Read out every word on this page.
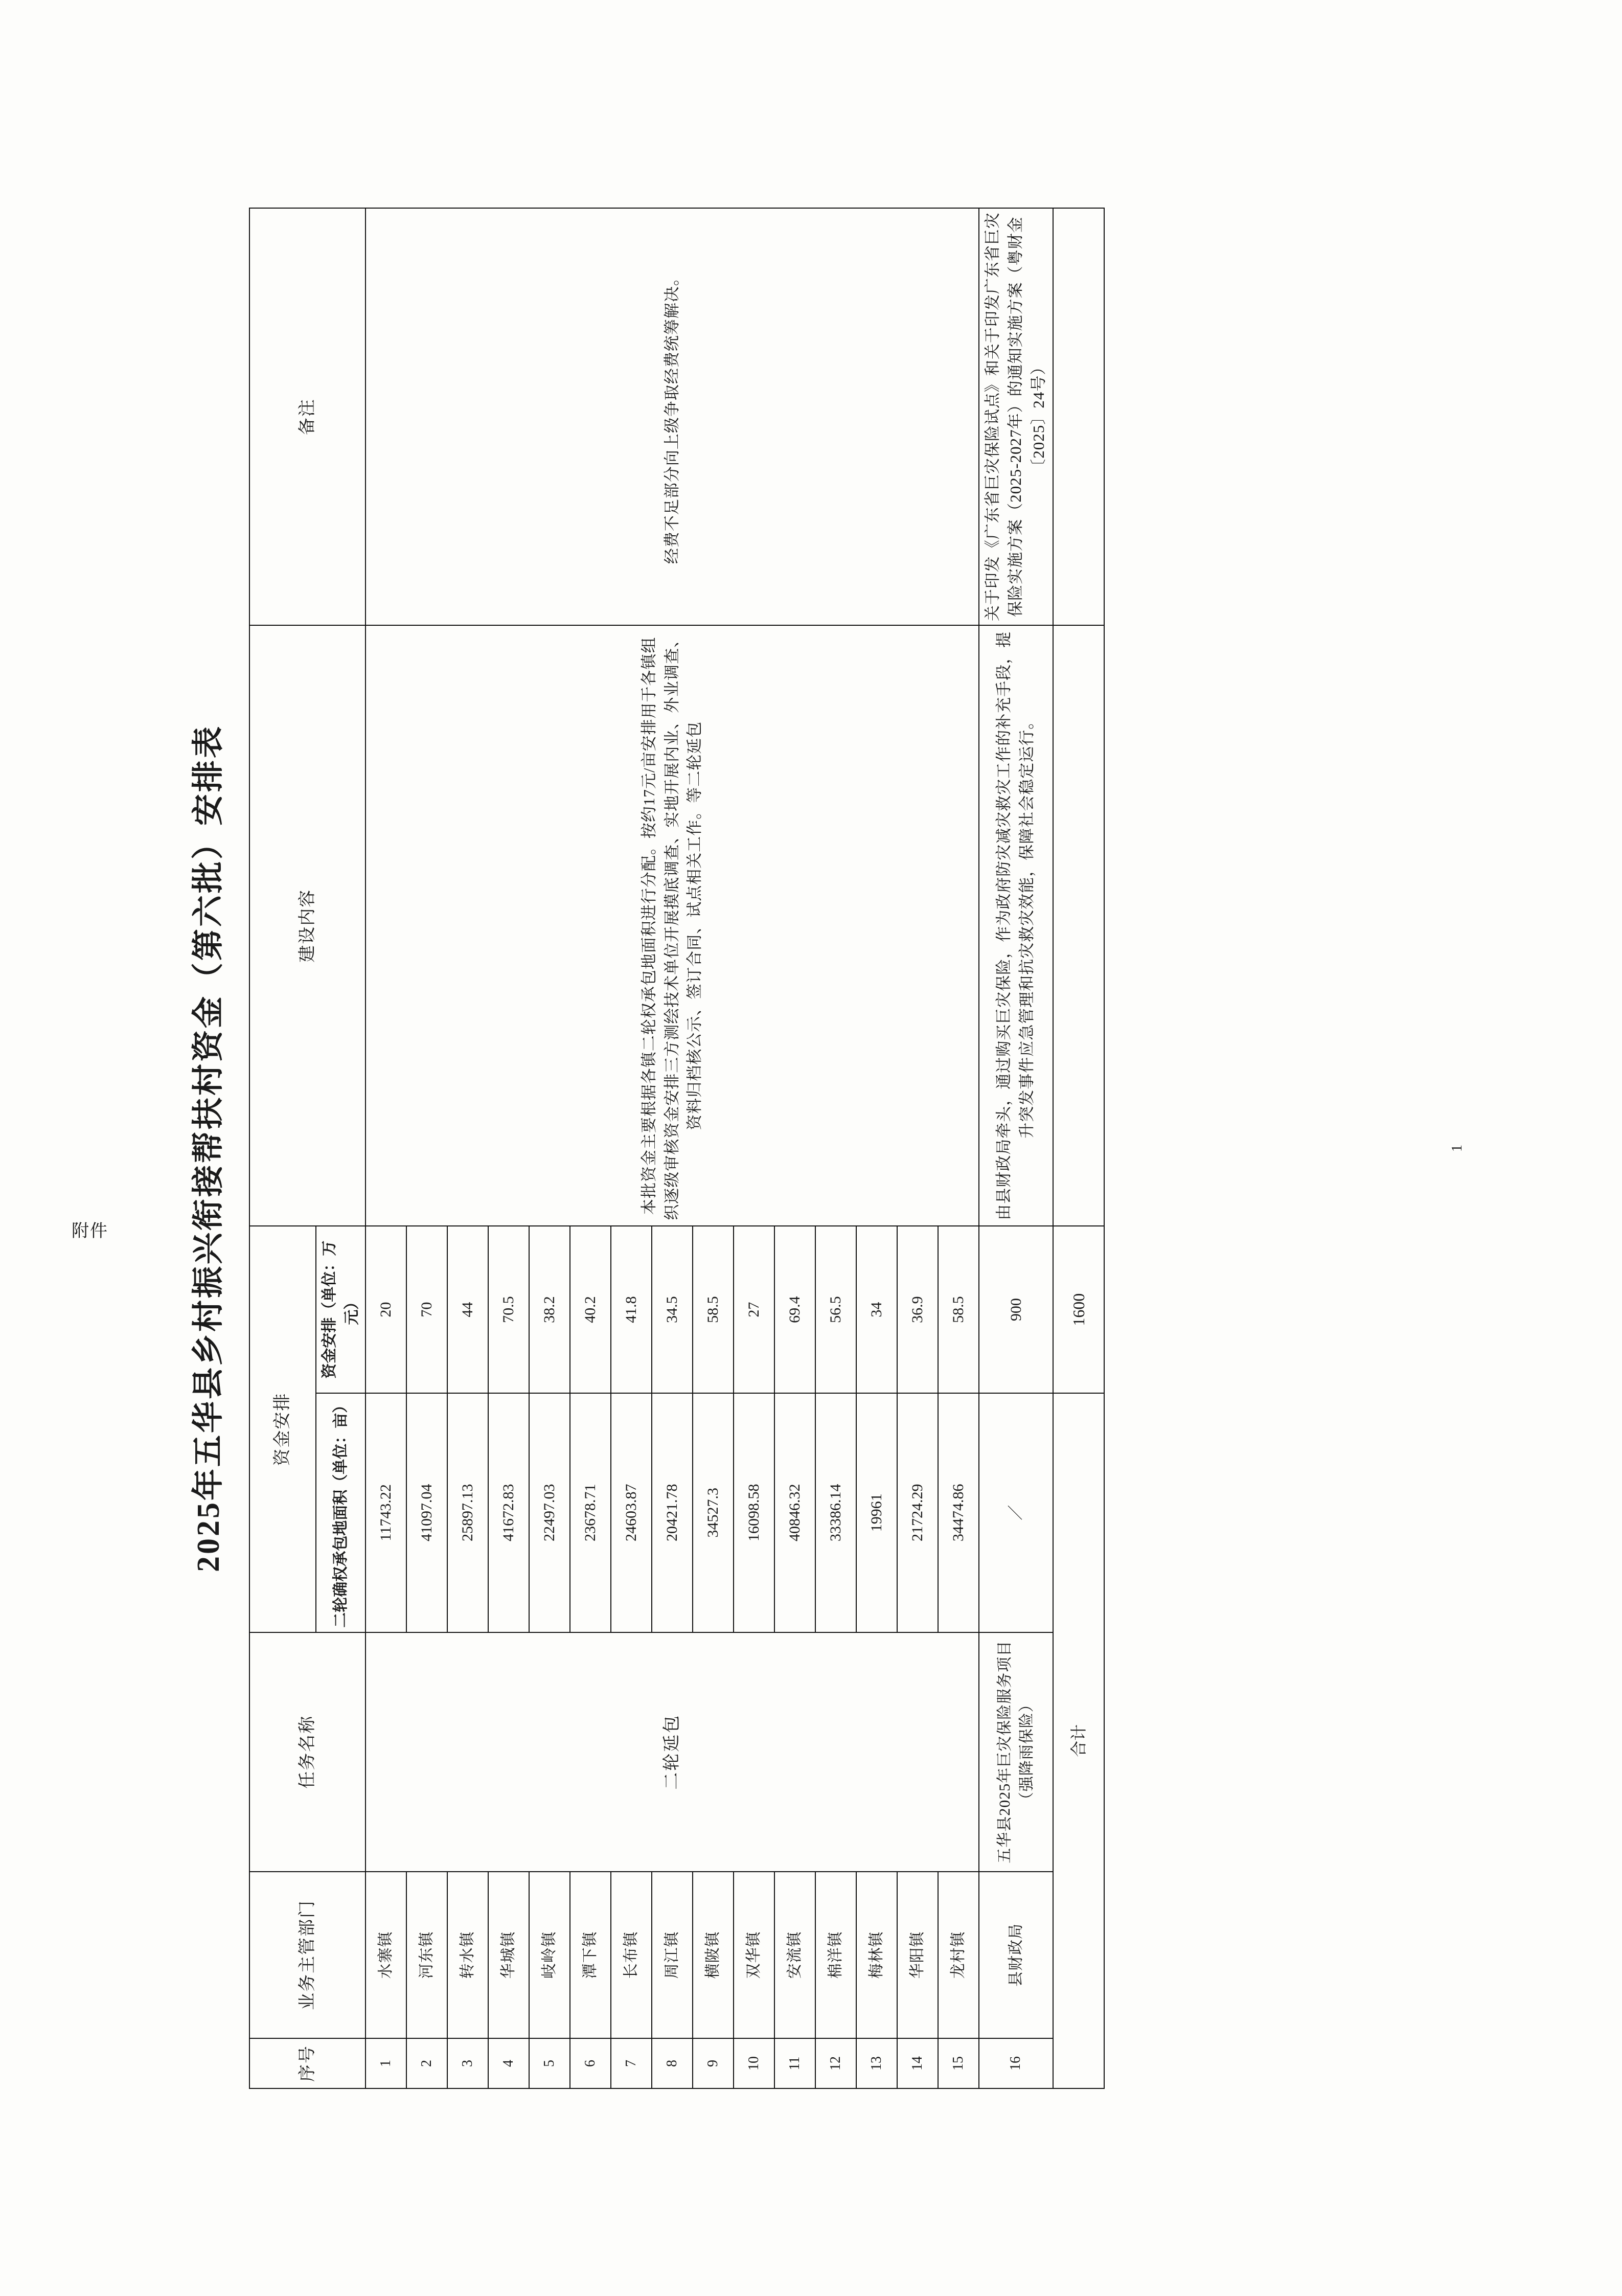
附件	2025年五华县乡村振兴衔接帮扶村资金（第六批）安排表	1
序号	业务主管部门	任务名称	资金安排		建设内容	备注
			二轮确权承包地面积（单位：亩）	资金安排（单位：万元）		
1	水寨镇	二轮延包	11743.22	20	本批资金主要根据各镇二轮权承包地面积进行分配。按约17元/亩安排用于各镇组织逐级审核资金安排三方测绘技术单位开展摸底调查、实地开展内业、外业调查、资料归档核公示、签订合同、试点相关工作。等二轮延包	经费不足部分向上级争取经费统筹解决。
2	河东镇		41097.04	70		
3	转水镇		25897.13	44		
4	华城镇		41672.83	70.5		
5	岐岭镇		22497.03	38.2		
6	潭下镇		23678.71	40.2		
7	长布镇		24603.87	41.8		
8	周江镇		20421.78	34.5		
9	横陂镇		34527.3	58.5		
10	双华镇		16098.58	27		
11	安流镇		40846.32	69.4		
12	棉洋镇		33386.14	56.5		
13	梅林镇		19961	34		
14	华阳镇		21724.29	36.9		
15	龙村镇		34474.86	58.5		
16	县财政局	五华县2025年巨灾保险服务项目（强降雨保险）	／	900	由县财政局牵头，通过购买巨灾保险，作为政府防灾减灾救灾工作的补充手段，提升突发事件应急管理和抗灾救灾效能，保障社会稳定运行。	关于印发《广东省巨灾保险试点》和关于印发广东省巨灾保险实施方案（2025-2027年）的通知实施方案（粤财金〔2025〕24号）
合计				1600		
